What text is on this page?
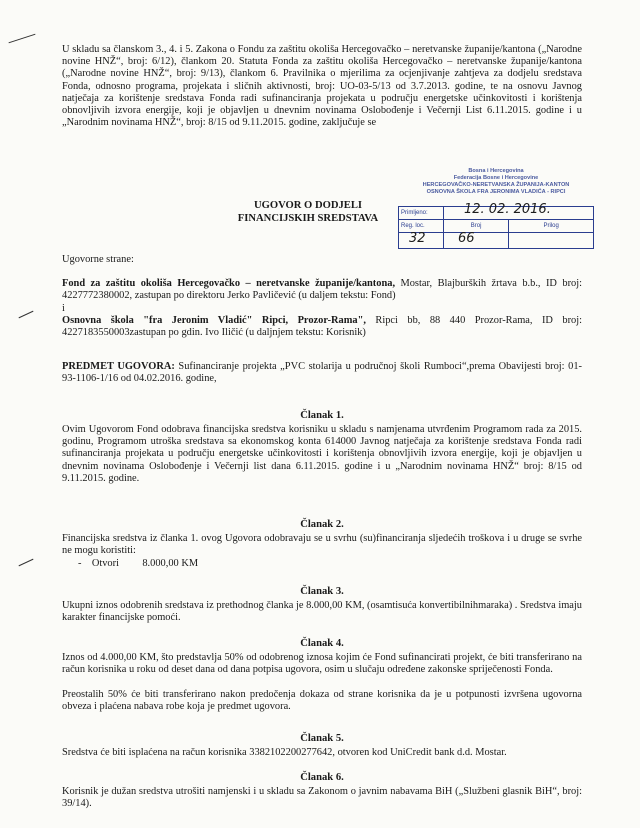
U skladu sa članskom 3., 4. i 5. Zakona o Fondu za zaštitu okoliša Hercegovačko – neretvanske županije/kantona („Narodne novine HNŽ“, broj: 6/12), člankom 20. Statuta Fonda za zaštitu okoliša Hercegovačko – neretvanske županije/kantona („Narodne novine HNŽ“, broj: 9/13), člankom 6. Pravilnika o mjerilima za ocjenjivanje zahtjeva za dodjelu sredstava Fonda, odnosno programa, projekata i sličnih aktivnosti, broj: UO-03-5/13 od 3.7.2013. godine, te na osnovu Javnog natječaja za korištenje sredstava Fonda radi sufinanciranja projekata u području energetske učinkovitosti i korištenja obnovljivih izvora energije, koji je objavljen u dnevnim novinama Oslobođenje i Večernji List 6.11.2015. godine i u „Narodnim novinama HNŽ“, broj: 8/15 od 9.11.2015. godine, zaključuje se
Bosna i Hercegovina
Federacija Bosne i Hercegovine
HERCEGOVAČKO-NERETVANSKA ŽUPANIJA-KANTON
OSNOVNA ŠKOLA FRA JERONIMA VLADIĆA - RIPCI
Primljeno:	12. 02. 2016.	

Reg. loc.	Broj	Prilog

32	66	

UGOVOR O DODJELI
FINANCIJSKIH SREDSTAVA
Ugovorne strane:
Fond za zaštitu okoliša Hercegovačko – neretvanske županije/kantona, Mostar, Blajburških žrtava b.b., ID broj: 4227772380002, zastupan po direktoru Jerko Pavličević (u daljem tekstu: Fond)
i
Osnovna škola "fra Jeronim Vladić" Ripci, Prozor-Rama", Ripci bb, 88 440 Prozor-Rama, ID broj: 4227183550003zastupan po gdin. Ivo Iličić (u daljnjem tekstu: Korisnik)
PREDMET UGOVORA: Sufinanciranje projekta „PVC stolarija u područnoj školi Rumboci“,prema Obavijesti broj: 01-93-1106-1/16 od 04.02.2016. godine,
Članak 1.
Ovim Ugovorom Fond odobrava financijska sredstva korisniku u skladu s namjenama utvrđenim Programom rada za 2015. godinu, Programom utroška sredstava sa ekonomskog konta 614000 Javnog natječaja za korištenje sredstava Fonda radi sufinanciranja projekata u području energetske učinkovitosti i korištenja obnovljivih izvora energije, koji je objavljen u dnevnim novinama Oslobođenje i Večernji list dana 6.11.2015. godine i u „Narodnim novinama HNŽ“ broj: 8/15 od 9.11.2015. godine.
Članak 2.
Financijska sredstva iz članka 1. ovog Ugovora odobravaju se u svrhu (su)financiranja sljedećih troškova i u druge se svrhe ne mogu koristiti:
-    Otvori         8.000,00 KM
Članak 3.
Ukupni iznos odobrenih sredstava iz prethodnog članka je 8.000,00 KM, (osamtisuća konvertibilnihmaraka) . Sredstva imaju karakter financijske pomoći.
Članak 4.
Iznos od 4.000,00 KM, što predstavlja 50% od odobrenog iznosa kojim će Fond sufinancirati projekt, će biti transferirano na račun korisnika u roku od deset dana od dana potpisa ugovora, osim u slučaju određene zakonske spriječenosti Fonda.
Preostalih 50% će biti transferirano nakon predočenja dokaza od strane korisnika da je u potpunosti izvršena ugovorna obveza i plaćena nabava robe koja je predmet ugovora.
Članak 5.
Sredstva će biti isplaćena na račun korisnika 3382102200277642, otvoren kod UniCredit bank d.d. Mostar.
Članak 6.
Korisnik je dužan sredstva utrošiti namjenski i u skladu sa Zakonom o javnim nabavama BiH („Službeni glasnik BiH“, broj: 39/14).
